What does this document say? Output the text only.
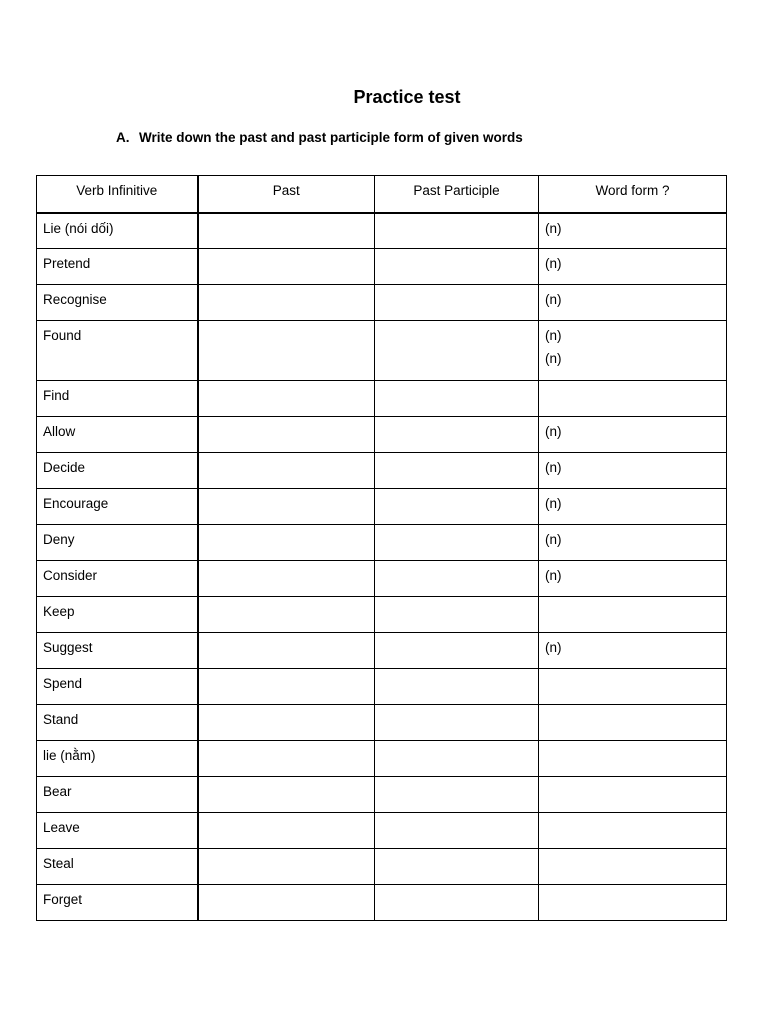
Practice test

A. Write down the past and past participle form of given words

Verb Infinitive	Past	Past Participle	Word form ?
Lie (nói dối)			(n)

Pretend			(n)

Recognise			(n)

Found			(n)
(n)

Find			
Allow			(n)

Decide			(n)

Encourage			(n)

Deny			(n)

Consider			(n)

Keep			
Suggest			(n)

Spend			
Stand			
lie (nằm)			
Bear			
Leave			
Steal			
Forget			
